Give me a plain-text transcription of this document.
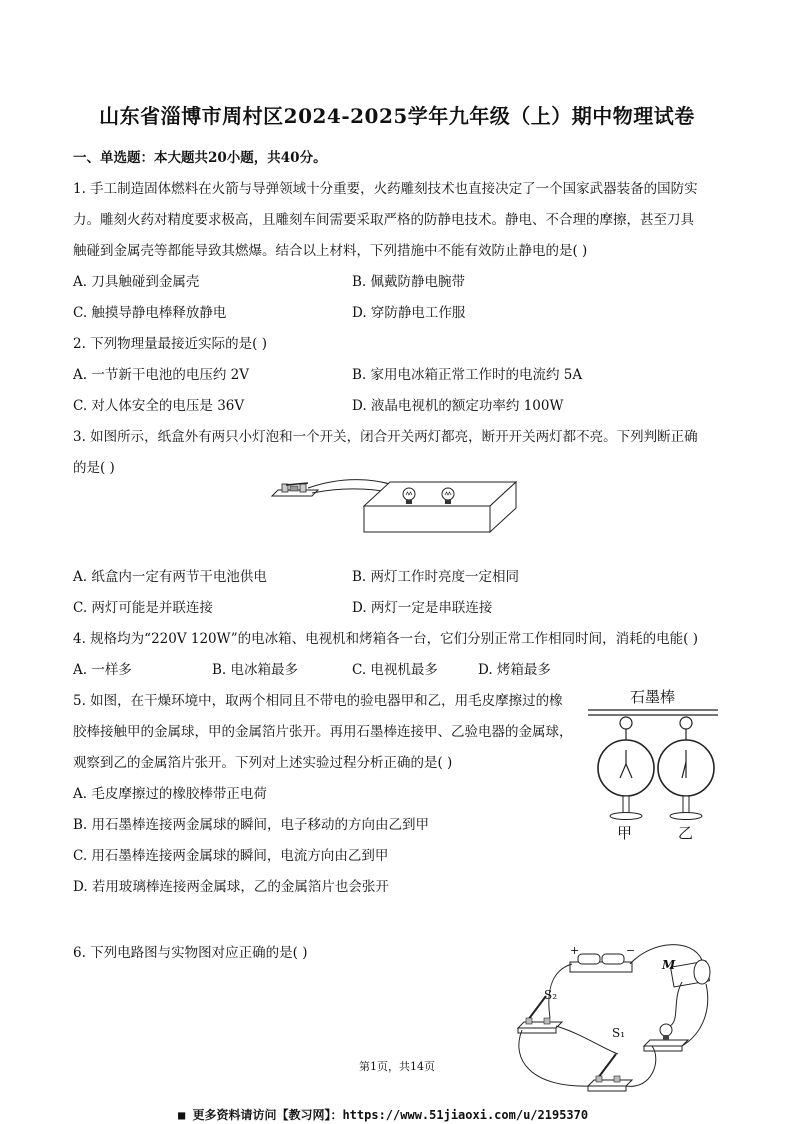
山东省淄博市周村区2024-2025学年九年级（上）期中物理试卷
一、单选题：本大题共20小题，共40分。
1. 手工制造固体燃料在火箭与导弹领域十分重要，火药雕刻技术也直接决定了一个国家武器装备的国防实
力。雕刻火药对精度要求极高，且雕刻车间需要采取严格的防静电技术。静电、不合理的摩擦，甚至刀具
触碰到金属壳等都能导致其燃爆。结合以上材料，下列措施中不能有效防止静电的是( )
A. 刀具触碰到金属壳	B. 佩戴防静电腕带
C. 触摸导静电棒释放静电	D. 穿防静电工作服
2. 下列物理量最接近实际的是( )
A. 一节新干电池的电压约 2V	B. 家用电冰箱正常工作时的电流约 5A
C. 对人体安全的电压是 36V	D. 液晶电视机的额定功率约 100W
3. 如图所示，纸盒外有两只小灯泡和一个开关，闭合开关两灯都亮，断开开关两灯都不亮。下列判断正确
的是( )
A. 纸盒内一定有两节干电池供电	B. 两灯工作时亮度一定相同
C. 两灯可能是并联连接	D. 两灯一定是串联连接
4. 规格均为“220V 120W”的电冰箱、电视机和烤箱各一台，它们分别正常工作相同时间，消耗的电能( )
A. 一样多	B. 电冰箱最多	C. 电视机最多	D. 烤箱最多
5. 如图，在干燥环境中，取两个相同且不带电的验电器甲和乙，用毛皮摩擦过的橡
胶棒接触甲的金属球，甲的金属箔片张开。再用石墨棒连接甲、乙验电器的金属球，
观察到乙的金属箔片张开。下列对上述实验过程分析正确的是( )
A. 毛皮摩擦过的橡胶棒带正电荷
B. 用石墨棒连接两金属球的瞬间，电子移动的方向由乙到甲
C. 用石墨棒连接两金属球的瞬间，电流方向由乙到甲
D. 若用玻璃棒连接两金属球，乙的金属箔片也会张开
石墨棒
甲	乙
6. 下列电路图与实物图对应正确的是( )	+	−
M
S₂
S₁
第1页，共14页
■ 更多资料请访问【教习网】：https://www.51jiaoxi.com/u/2195370
